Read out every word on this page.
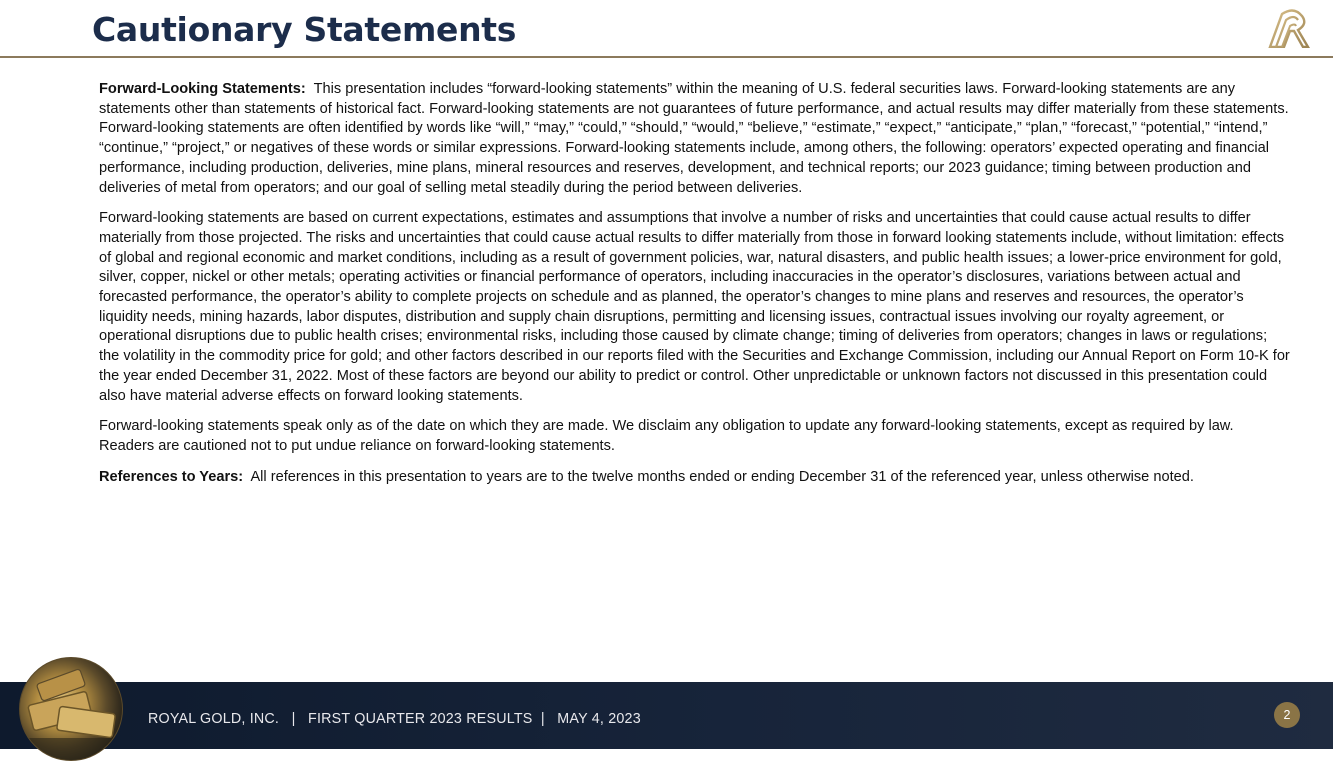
Cautionary Statements

Forward-Looking Statements: This presentation includes “forward-looking statements” within the meaning of U.S. federal securities laws. Forward-looking statements are any statements other than statements of historical fact. Forward-looking statements are not guarantees of future performance, and actual results may differ materially from these statements. Forward-looking statements are often identified by words like “will,” “may,” “could,” “should,” “would,” “believe,” “estimate,” “expect,” “anticipate,” “plan,” “forecast,” “potential,” “intend,” “continue,” “project,” or negatives of these words or similar expressions. Forward-looking statements include, among others, the following: operators’ expected operating and financial performance, including production, deliveries, mine plans, mineral resources and reserves, development, and technical reports; our 2023 guidance; timing between production and deliveries of metal from operators; and our goal of selling metal steadily during the period between deliveries.

Forward-looking statements are based on current expectations, estimates and assumptions that involve a number of risks and uncertainties that could cause actual results to differ materially from those projected. The risks and uncertainties that could cause actual results to differ materially from those in forward looking statements include, without limitation: effects of global and regional economic and market conditions, including as a result of government policies, war, natural disasters, and public health issues; a lower-price environment for gold, silver, copper, nickel or other metals; operating activities or financial performance of operators, including inaccuracies in the operator’s disclosures, variations between actual and forecasted performance, the operator’s ability to complete projects on schedule and as planned, the operator’s changes to mine plans and reserves and resources, the operator’s liquidity needs, mining hazards, labor disputes, distribution and supply chain disruptions, permitting and licensing issues, contractual issues involving our royalty agreement, or operational disruptions due to public health crises; environmental risks, including those caused by climate change; timing of deliveries from operators; changes in laws or regulations; the volatility in the commodity price for gold; and other factors described in our reports filed with the Securities and Exchange Commission, including our Annual Report on Form 10-K for the year ended December 31, 2022. Most of these factors are beyond our ability to predict or control. Other unpredictable or unknown factors not discussed in this presentation could also have material adverse effects on forward looking statements.

Forward-looking statements speak only as of the date on which they are made. We disclaim any obligation to update any forward-looking statements, except as required by law. Readers are cautioned not to put undue reliance on forward-looking statements.

References to Years: All references in this presentation to years are to the twelve months ended or ending December 31 of the referenced year, unless otherwise noted.

ROYAL GOLD, INC.   |   FIRST QUARTER 2023 RESULTS  |   MAY 4, 2023	2
